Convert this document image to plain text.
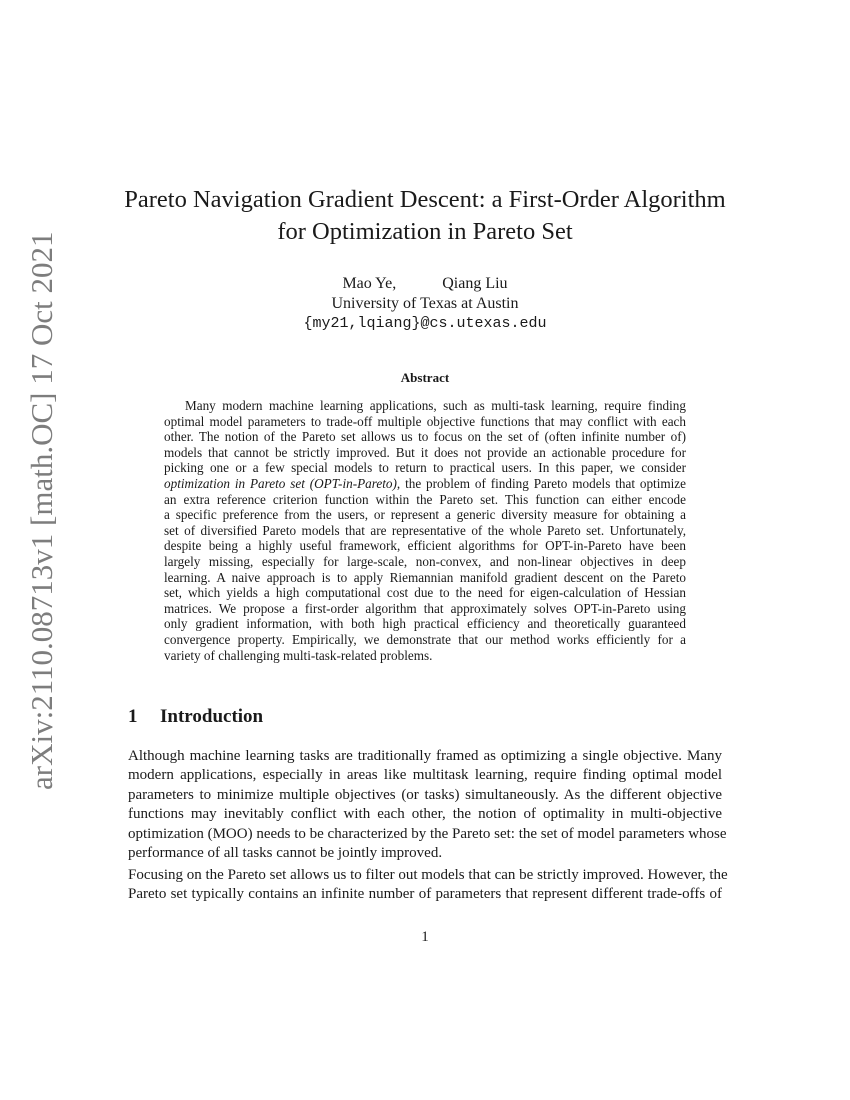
arXiv:2110.08713v1 [math.OC] 17 Oct 2021
Pareto Navigation Gradient Descent: a First-Order Algorithm
for Optimization in Pareto Set
Mao Ye,	Qiang Liu
University of Texas at Austin
{my21,lqiang}@cs.utexas.edu
Abstract
Many modern machine learning applications, such as multi-task learning, require finding
optimal model parameters to trade-off multiple objective functions that may conflict with each
other. The notion of the Pareto set allows us to focus on the set of (often infinite number of)
models that cannot be strictly improved. But it does not provide an actionable procedure for
picking one or a few special models to return to practical users. In this paper, we consider
optimization in Pareto set (OPT-in-Pareto), the problem of finding Pareto models that optimize
an extra reference criterion function within the Pareto set. This function can either encode
a specific preference from the users, or represent a generic diversity measure for obtaining a
set of diversified Pareto models that are representative of the whole Pareto set. Unfortunately,
despite being a highly useful framework, efficient algorithms for OPT-in-Pareto have been
largely missing, especially for large-scale, non-convex, and non-linear objectives in deep
learning. A naive approach is to apply Riemannian manifold gradient descent on the Pareto
set, which yields a high computational cost due to the need for eigen-calculation of Hessian
matrices. We propose a first-order algorithm that approximately solves OPT-in-Pareto using
only gradient information, with both high practical efficiency and theoretically guaranteed
convergence property. Empirically, we demonstrate that our method works efficiently for a
variety of challenging multi-task-related problems.
1 Introduction
Although machine learning tasks are traditionally framed as optimizing a single objective. Many
modern applications, especially in areas like multitask learning, require finding optimal model
parameters to minimize multiple objectives (or tasks) simultaneously. As the different objective
functions may inevitably conflict with each other, the notion of optimality in multi-objective
optimization (MOO) needs to be characterized by the Pareto set: the set of model parameters whose
performance of all tasks cannot be jointly improved.
Focusing on the Pareto set allows us to filter out models that can be strictly improved. However, the
Pareto set typically contains an infinite number of parameters that represent different trade-offs of
1
